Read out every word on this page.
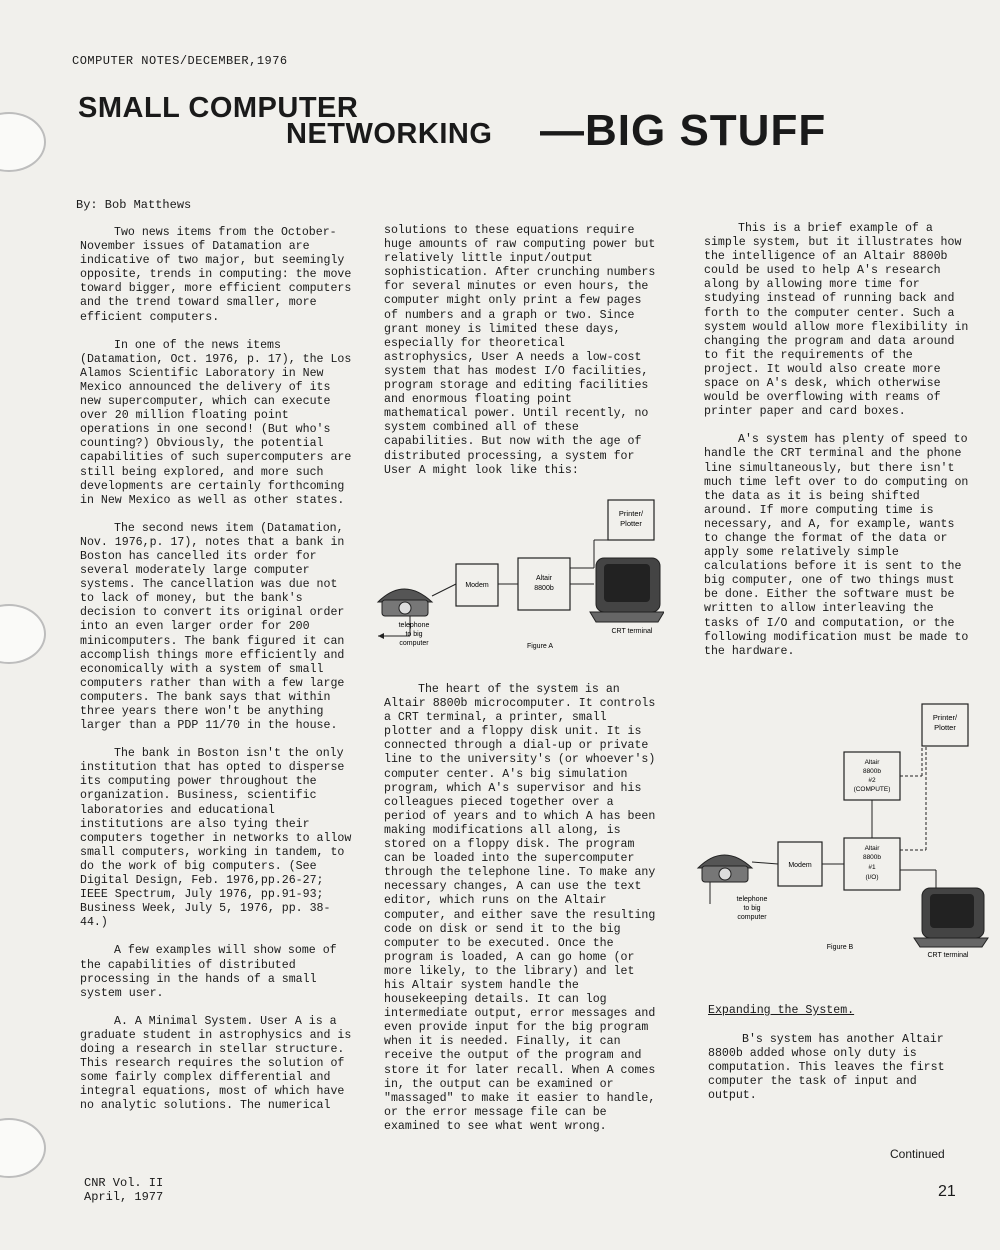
COMPUTER NOTES/DECEMBER,1976
SMALL COMPUTER
NETWORKING —BIG STUFF
By: Bob Matthews

Two news items from the October-November issues of Datamation are indicative of two major, but seemingly opposite, trends in computing: the move toward bigger, more efficient computers and the trend toward smaller, more efficient computers.

In one of the news items (Datamation, Oct. 1976, p. 17), the Los Alamos Scientific Laboratory in New Mexico announced the delivery of its new supercomputer, which can execute over 20 million floating point operations in one second! (But who's counting?) Obviously, the potential capabilities of such supercomputers are still being explored, and more such developments are certainly forthcoming in New Mexico as well as other states.

The second news item (Datamation, Nov. 1976,p. 17), notes that a bank in Boston has cancelled its order for several moderately large computer systems. The cancellation was due not to lack of money, but the bank's decision to convert its original order into an even larger order for 200 minicomputers. The bank figured it can accomplish things more efficiently and economically with a system of small computers rather than with a few large computers. The bank says that within three years there won't be anything larger than a PDP 11/70 in the house.

The bank in Boston isn't the only institution that has opted to disperse its computing power throughout the organization. Business, scientific laboratories and educational institutions are also tying their computers together in networks to allow small computers, working in tandem, to do the work of big computers. (See Digital Design, Feb. 1976,pp.26-27; IEEE Spectrum, July 1976, pp.91-93; Business Week, July 5, 1976, pp. 38-44.)

A few examples will show some of the capabilities of distributed processing in the hands of a small system user.

A. A Minimal System. User A is a graduate student in astrophysics and is doing a research in stellar structure. This research requires the solution of some fairly complex differential and integral equations, most of which have no analytic solutions. The numerical

solutions to these equations require huge amounts of raw computing power but relatively little input/output sophistication. After crunching numbers for several minutes or even hours, the computer might only print a few pages of numbers and a graph or two. Since grant money is limited these days, especially for theoretical astrophysics, User A needs a low-cost system that has modest I/O facilities, program storage and editing facilities and enormous floating point mathematical power. Until recently, no system combined all of these capabilities. But now with the age of distributed processing, a system for User A might look like this:

Printer/
Plotter
Modem
Altair
8800b
telephone
to big
computer
CRT terminal
Figure A

The heart of the system is an Altair 8800b microcomputer. It controls a CRT terminal, a printer, small plotter and a floppy disk unit. It is connected through a dial-up or private line to the university's (or whoever's) computer center. A's big simulation program, which A's supervisor and his colleagues pieced together over a period of years and to which A has been making modifications all along, is stored on a floppy disk. The program can be loaded into the supercomputer through the telephone line. To make any necessary changes, A can use the text editor, which runs on the Altair computer, and either save the resulting code on disk or send it to the big computer to be executed. Once the program is loaded, A can go home (or more likely, to the library) and let his Altair system handle the housekeeping details. It can log intermediate output, error messages and even provide input for the big program when it is needed. Finally, it can receive the output of the program and store it for later recall. When A comes in, the output can be examined or "massaged" to make it easier to handle, or the error message file can be examined to see what went wrong.

This is a brief example of a simple system, but it illustrates how the intelligence of an Altair 8800b could be used to help A's research along by allowing more time for studying instead of running back and forth to the computer center. Such a system would allow more flexibility in changing the program and data around to fit the requirements of the project. It would also create more space on A's desk, which otherwise would be overflowing with reams of printer paper and card boxes.

A's system has plenty of speed to handle the CRT terminal and the phone line simultaneously, but there isn't much time left over to do computing on the data as it is being shifted around. If more computing time is necessary, and A, for example, wants to change the format of the data or apply some relatively simple calculations before it is sent to the big computer, one of two things must be done. Either the software must be written to allow interleaving the tasks of I/O and computation, or the following modification must be made to the hardware.

Printer/
Plotter
Altair
8800b
#2
(COMPUTE)
Altair
8800b
#1
(I/O)
Modem
telephone
to big
computer
CRT terminal
Figure B
Expanding the System.

B's system has another Altair 8800b added whose only duty is computation. This leaves the first computer the task of input and output.

Continued
CNR Vol. II
April, 1977	21
